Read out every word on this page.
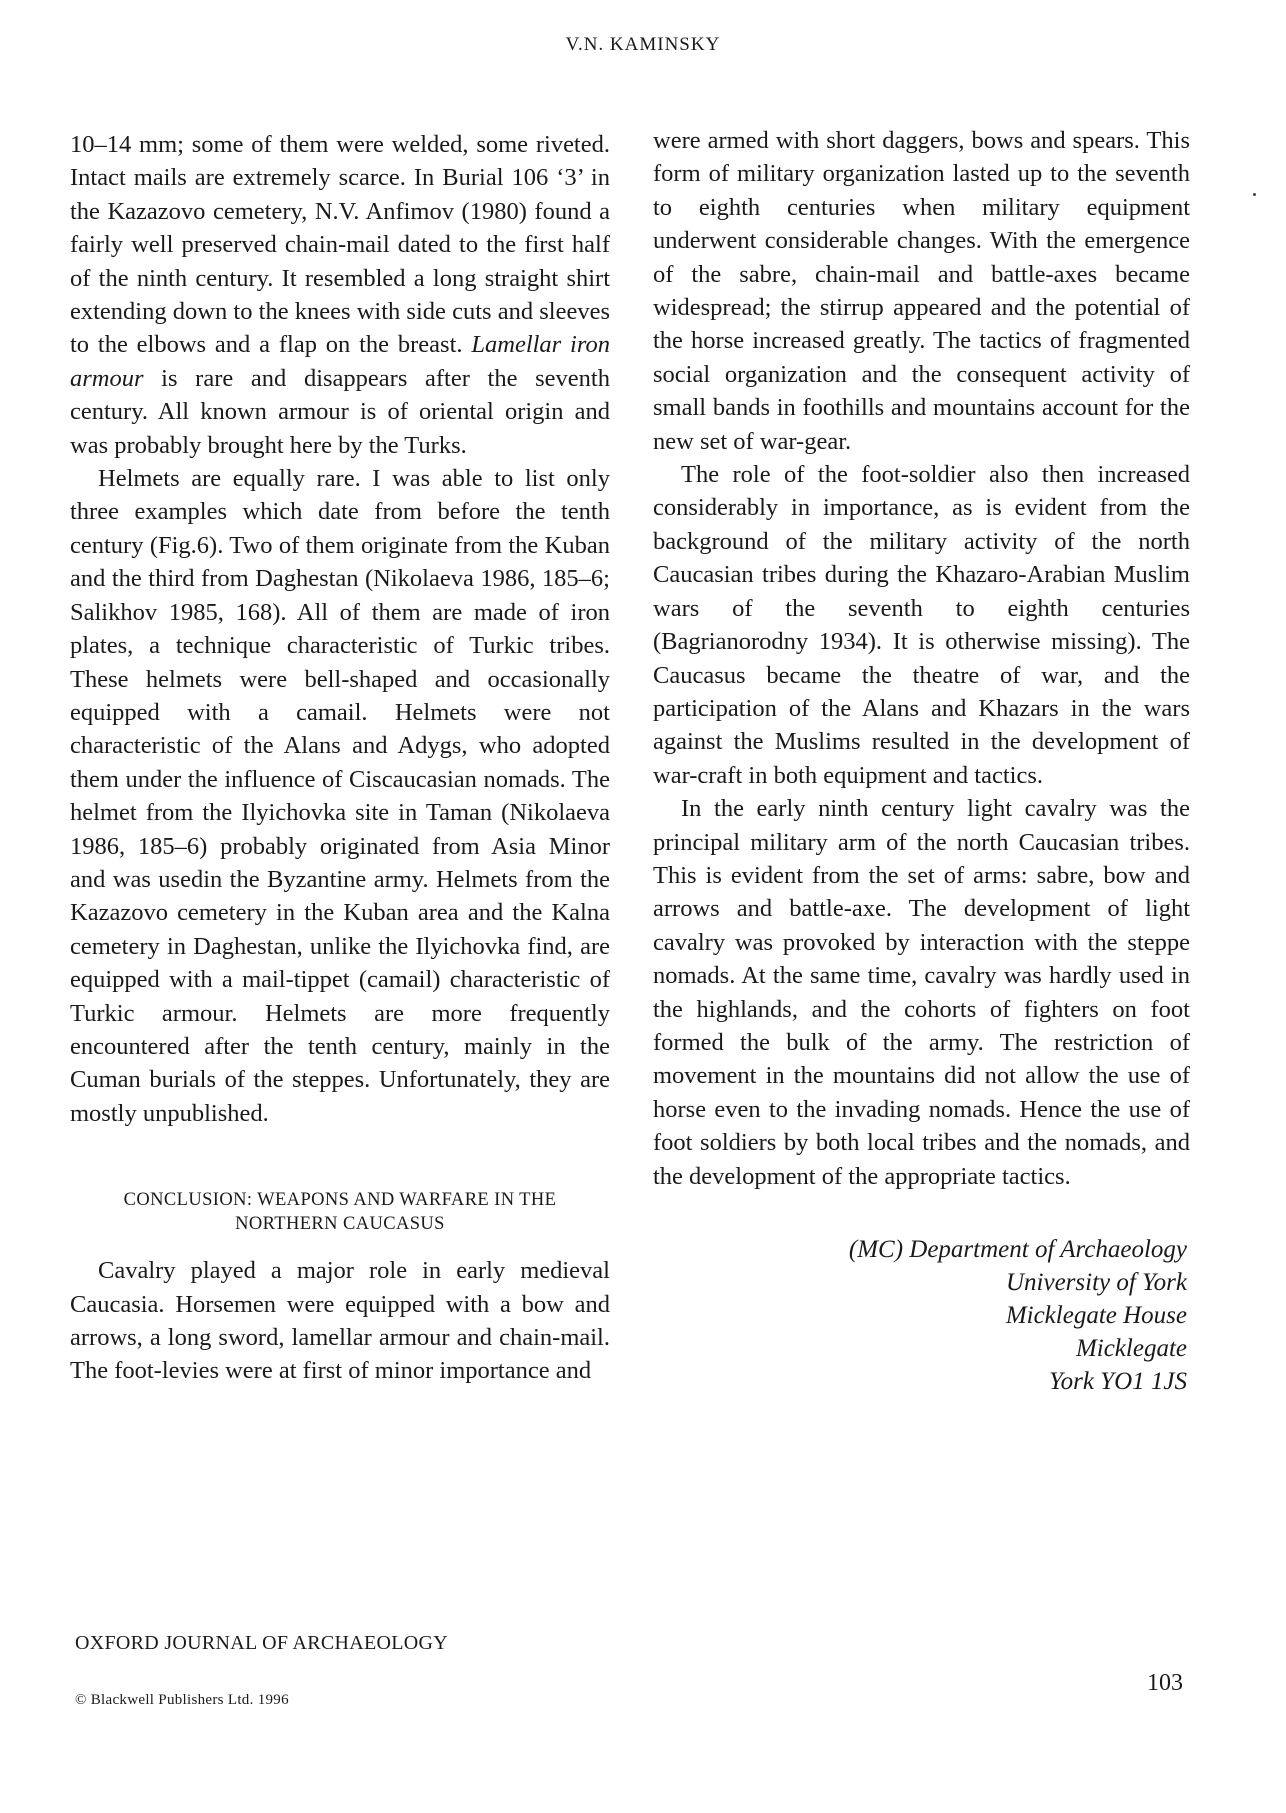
V.N. KAMINSKY

10–14 mm; some of them were welded, some riveted. Intact mails are extremely scarce. In Burial 106 ‘3’ in the Kazazovo cemetery, N.V. Anfimov (1980) found a fairly well preserved chain-mail dated to the first half of the ninth century. It resembled a long straight shirt extending down to the knees with side cuts and sleeves to the elbows and a flap on the breast. Lamellar iron armour is rare and disappears after the seventh century. All known armour is of oriental origin and was probably brought here by the Turks.

Helmets are equally rare. I was able to list only three examples which date from before the tenth century (Fig.6). Two of them originate from the Kuban and the third from Daghestan (Nikolaeva 1986, 185–6; Salikhov 1985, 168). All of them are made of iron plates, a technique characteristic of Turkic tribes. These helmets were bell-shaped and occasionally equipped with a camail. Helmets were not characteristic of the Alans and Adygs, who adopted them under the influence of Ciscaucasian nomads. The helmet from the Ilyichovka site in Taman (Nikolaeva 1986, 185–6) probably originated from Asia Minor and was usedin the Byzantine army. Helmets from the Kazazovo cemetery in the Kuban area and the Kalna cemetery in Daghestan, unlike the Ilyichovka find, are equipped with a mail-tippet (camail) characteristic of Turkic armour. Helmets are more frequently encountered after the tenth century, mainly in the Cuman burials of the steppes. Unfortunately, they are mostly unpublished.

CONCLUSION: WEAPONS AND WARFARE IN THE NORTHERN CAUCASUS

Cavalry played a major role in early medieval Caucasia. Horsemen were equipped with a bow and arrows, a long sword, lamellar armour and chain-mail. The foot-levies were at first of minor importance and

were armed with short daggers, bows and spears. This form of military organization lasted up to the seventh to eighth centuries when military equipment underwent considerable changes. With the emergence of the sabre, chain-mail and battle-axes became widespread; the stirrup appeared and the potential of the horse increased greatly. The tactics of fragmented social organization and the consequent activity of small bands in foothills and mountains account for the new set of war-gear.

The role of the foot-soldier also then increased considerably in importance, as is evident from the background of the military activity of the north Caucasian tribes during the Khazaro-Arabian Muslim wars of the seventh to eighth centuries (Bagrianorodny 1934). It is otherwise missing). The Caucasus became the theatre of war, and the participation of the Alans and Khazars in the wars against the Muslims resulted in the development of war-craft in both equipment and tactics.

In the early ninth century light cavalry was the principal military arm of the north Caucasian tribes. This is evident from the set of arms: sabre, bow and arrows and battle-axe. The development of light cavalry was provoked by interaction with the steppe nomads. At the same time, cavalry was hardly used in the highlands, and the cohorts of fighters on foot formed the bulk of the army. The restriction of movement in the mountains did not allow the use of horse even to the invading nomads. Hence the use of foot soldiers by both local tribes and the nomads, and the development of the appropriate tactics.

(MC) Department of Archaeology
University of York
Micklegate House
Micklegate
York YO1 1JS
OXFORD JOURNAL OF ARCHAEOLOGY
© Blackwell Publishers Ltd. 1996
103
